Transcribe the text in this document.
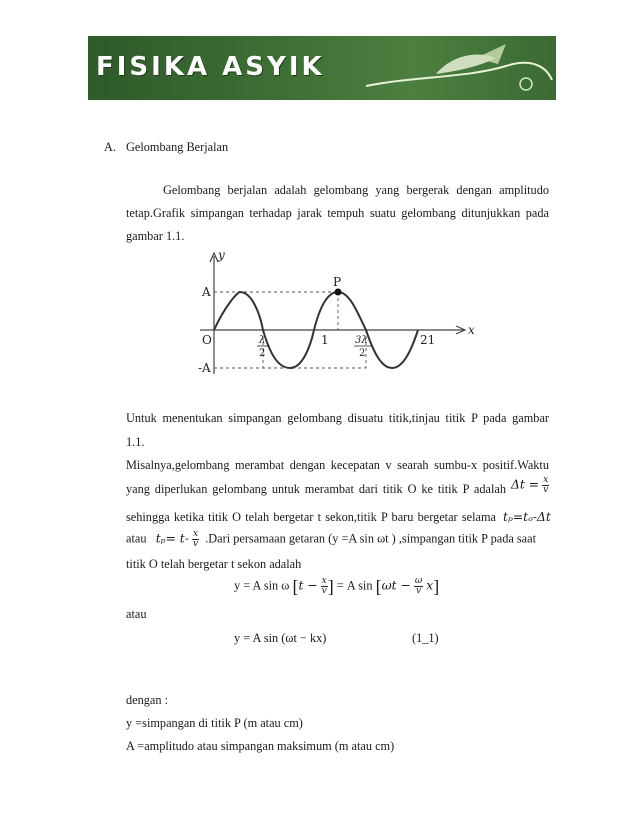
FISIKA ASYIK
A. Gelombang Berjalan
Gelombang berjalan adalah gelombang yang bergerak dengan amplitudo
tetap.Grafik simpangan terhadap jarak tempuh suatu gelombang ditunjukkan pada
gambar 1.1.
y
x
A
-A
O
P
λ
2
1	3λ
2
21
Untuk menentukan simpangan gelombang disuatu titik,tinjau titik P pada gambar
1.1.
Misalnya,gelombang merambat dengan kecepatan v searah sumbu-x positif.Waktu
yang diperlukan gelombang untuk merambat dari titik O ke titik P adalah $\Delta t = \frac{x}{v}$
sehingga ketika titik O telah bergetar t sekon,titik P baru bergetar selama tₚ=tₒ-Δt
atau $t_p= t- \frac{x}{v}$ .Dari persamaan getaran (y =A sin ωt ) ,simpangan titik P pada saat
titik O telah bergetar t sekon adalah
y = A sin ω [$t - \frac{x}{v}$ ] = A $\sin [\omega t - \frac{\omega}{v} x]$
atau
y = A sin (ωt − kx)	(1_1)
dengan :
y =simpangan di titik P (m atau cm)
A =amplitudo atau simpangan maksimum (m atau cm)
